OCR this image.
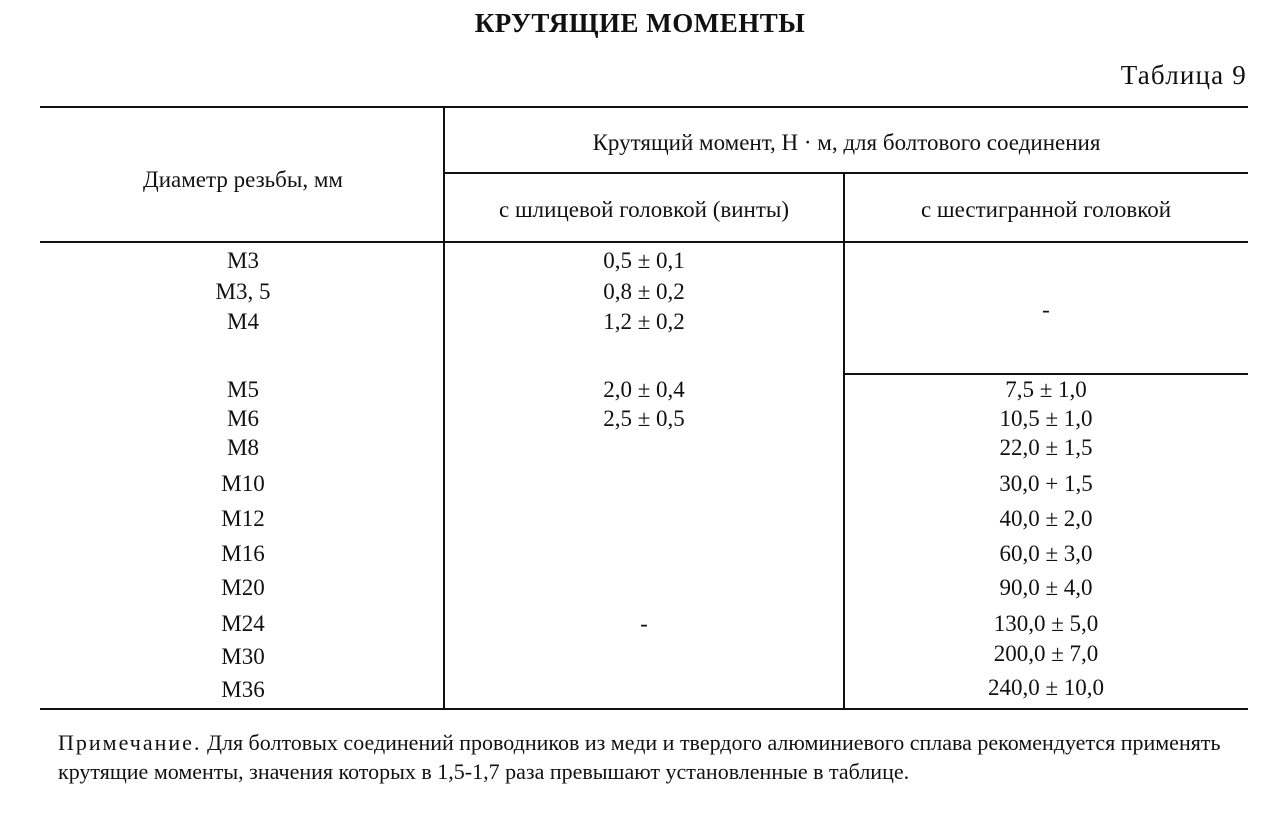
КРУТЯЩИЕ МОМЕНТЫ
Таблица 9
Диаметр резьбы, мм
Крутящий момент, Н · м, для болтового соединения
с шлицевой головкой (винты)	с шестигранной головкой
М3
М3, 5
М4
М5
М6
М8
М10
М12
М16
М20
М24
М30
М36
0,5 ± 0,1
0,8 ± 0,2
1,2 ± 0,2
2,0 ± 0,4
2,5 ± 0,5
-
-
7,5 ± 1,0
10,5 ± 1,0
22,0 ± 1,5
30,0 + 1,5
40,0 ± 2,0
60,0 ± 3,0
90,0 ± 4,0
130,0 ± 5,0
200,0 ± 7,0
240,0 ± 10,0
Примечание. Для болтовых соединений проводников из меди и твердого алюминиевого сплава рекомендуется применять крутящие моменты, значения которых в 1,5-1,7 раза превышают установленные в таблице.
